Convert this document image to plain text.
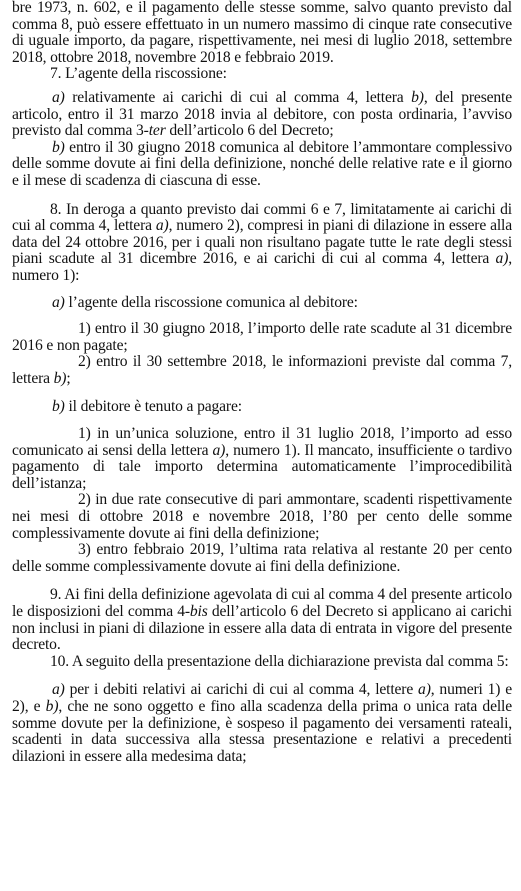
bre 1973, n. 602, e il pagamento delle stesse somme, salvo quanto previsto dal comma 8, può essere effettuato in un numero massimo di cinque rate consecutive di uguale importo, da pagare, rispettivamente, nei mesi di luglio 2018, settembre 2018, ottobre 2018, novembre 2018 e febbraio 2019.

7. L’agente della riscossione:

a) relativamente ai carichi di cui al comma 4, lettera b), del presente articolo, entro il 31 marzo 2018 invia al debitore, con posta ordinaria, l’avviso previsto dal comma 3-ter dell’articolo 6 del Decreto;

b) entro il 30 giugno 2018 comunica al debitore l’ammontare complessivo delle somme dovute ai fini della definizione, nonché delle relative rate e il giorno e il mese di scadenza di ciascuna di esse.

8. In deroga a quanto previsto dai commi 6 e 7, limitatamente ai carichi di cui al comma 4, lettera a), numero 2), compresi in piani di dilazione in essere alla data del 24 ottobre 2016, per i quali non risultano pagate tutte le rate degli stessi piani scadute al 31 dicembre 2016, e ai carichi di cui al comma 4, lettera a), numero 1):

a) l’agente della riscossione comunica al debitore:

1) entro il 30 giugno 2018, l’importo delle rate scadute al 31 dicembre 2016 e non pagate;

2) entro il 30 settembre 2018, le informazioni previste dal comma 7, lettera b);

b) il debitore è tenuto a pagare:

1) in un’unica soluzione, entro il 31 luglio 2018, l’importo ad esso comunicato ai sensi della lettera a), numero 1). Il mancato, insufficiente o tardivo pagamento di tale importo determina automaticamente l’improcedibilità dell’istanza;

2) in due rate consecutive di pari ammontare, scadenti rispettivamente nei mesi di ottobre 2018 e novembre 2018, l’80 per cento delle somme complessivamente dovute ai fini della definizione;

3) entro febbraio 2019, l’ultima rata relativa al restante 20 per cento delle somme complessivamente dovute ai fini della definizione.

9. Ai fini della definizione agevolata di cui al comma 4 del presente articolo le disposizioni del comma 4-bis dell’articolo 6 del Decreto si applicano ai carichi non inclusi in piani di dilazione in essere alla data di entrata in vigore del presente decreto.

10. A seguito della presentazione della dichiarazione prevista dal comma 5:

a) per i debiti relativi ai carichi di cui al comma 4, lettere a), numeri 1) e 2), e b), che ne sono oggetto e fino alla scadenza della prima o unica rata delle somme dovute per la definizione, è sospeso il pagamento dei versamenti rateali, scadenti in data successiva alla stessa presentazione e relativi a precedenti dilazioni in essere alla medesima data;
